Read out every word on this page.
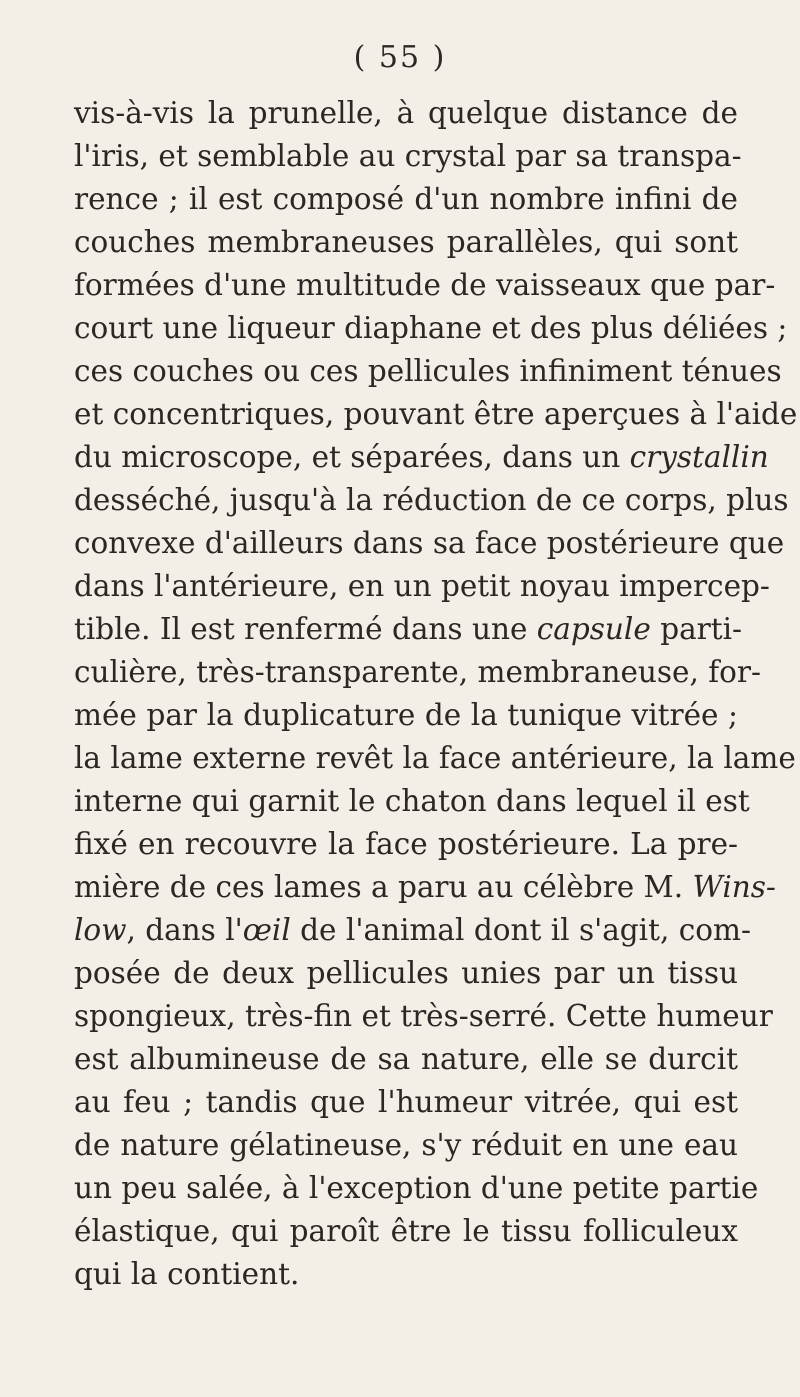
( 55 )
vis-à-vis la prunelle, à quelque distance de
l'iris, et semblable au crystal par sa transpa-
rence ; il est composé d'un nombre infini de
couches membraneuses parallèles, qui sont
formées d'une multitude de vaisseaux que par-
court une liqueur diaphane et des plus déliées ;
ces couches ou ces pellicules infiniment ténues
et concentriques, pouvant être aperçues à l'aide
du microscope, et séparées, dans un crystallin
desséché, jusqu'à la réduction de ce corps, plus
convexe d'ailleurs dans sa face postérieure que
dans l'antérieure, en un petit noyau impercep-
tible. Il est renfermé dans une capsule parti-
culière, très-transparente, membraneuse, for-
mée par la duplicature de la tunique vitrée ;
la lame externe revêt la face antérieure, la lame
interne qui garnit le chaton dans lequel il est
fixé en recouvre la face postérieure. La pre-
mière de ces lames a paru au célèbre M. Wins-
low, dans l'œil de l'animal dont il s'agit, com-
posée de deux pellicules unies par un tissu
spongieux, très-fin et très-serré. Cette humeur
est albumineuse de sa nature, elle se durcit
au feu ; tandis que l'humeur vitrée, qui est
de nature gélatineuse, s'y réduit en une eau
un peu salée, à l'exception d'une petite partie
élastique, qui paroît être le tissu folliculeux
qui la contient.
